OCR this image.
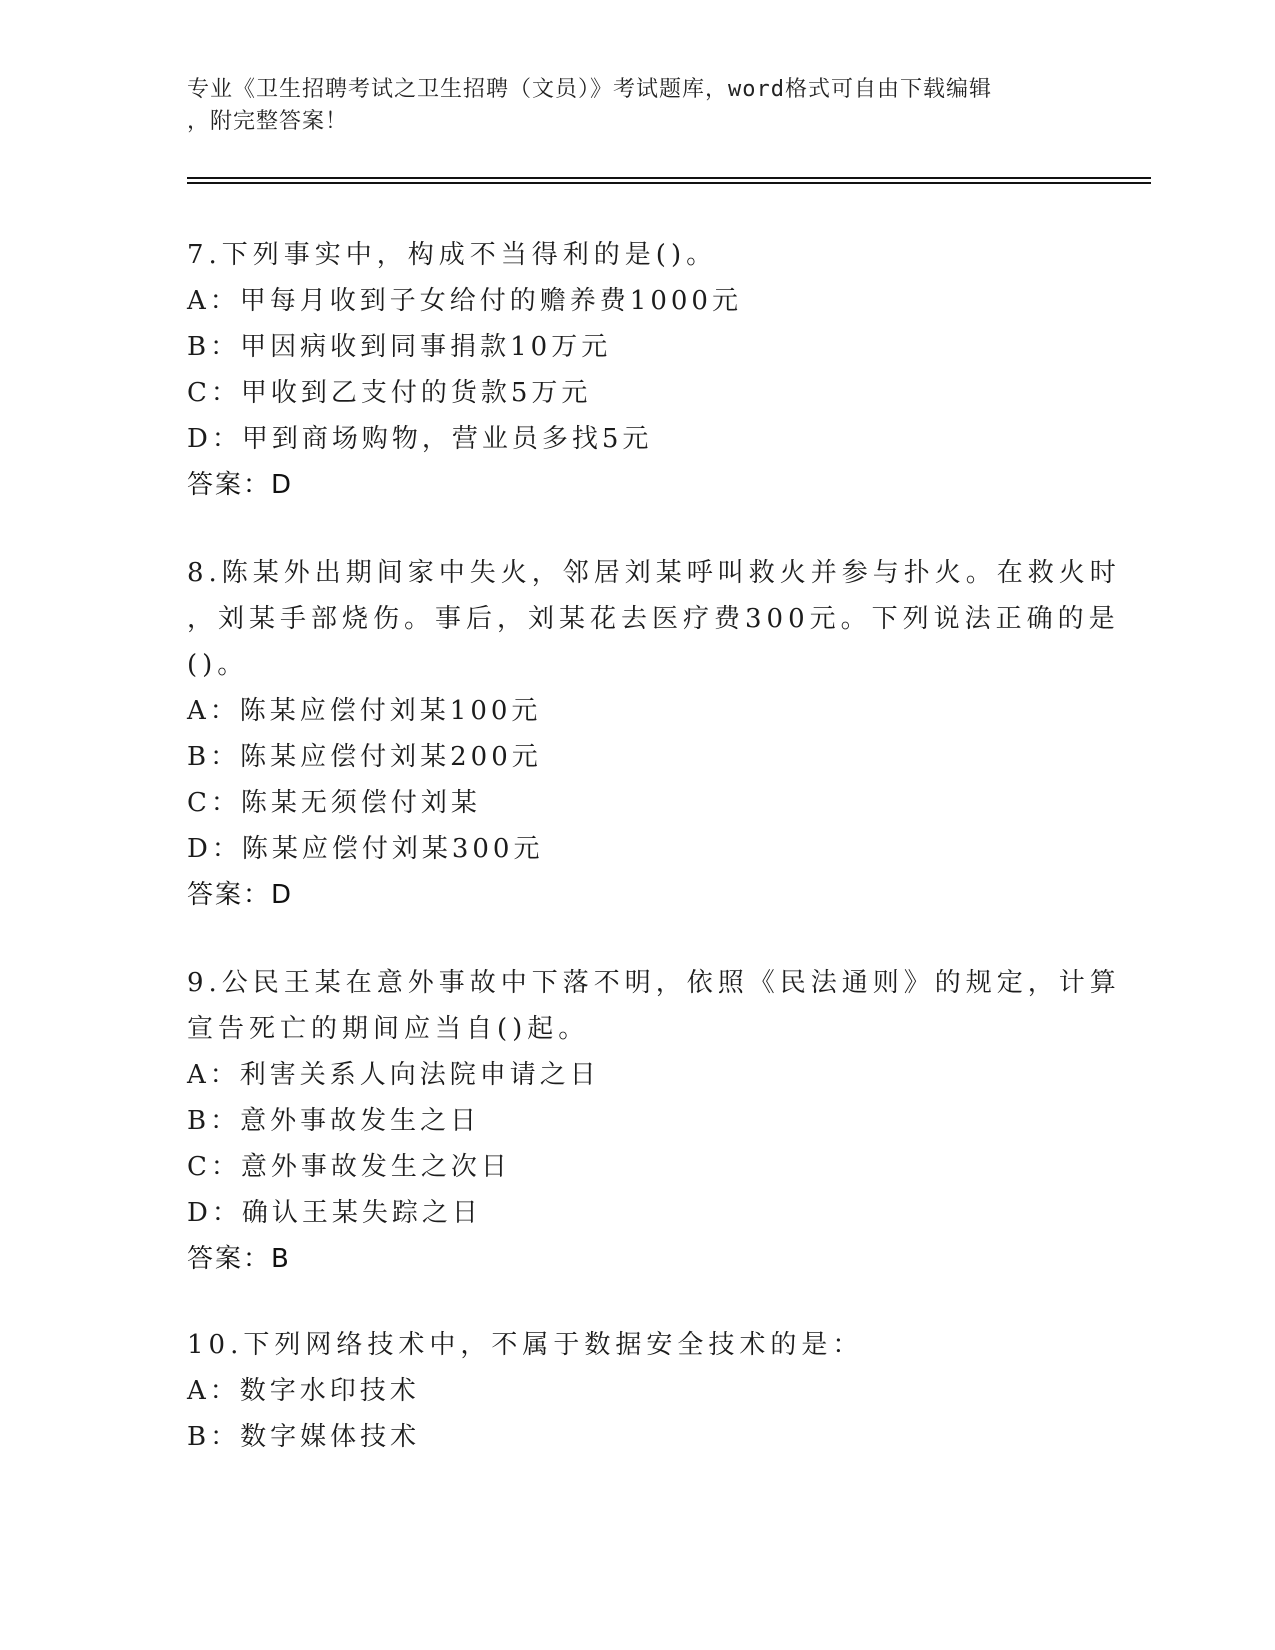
专业《卫生招聘考试之卫生招聘（文员）》考试题库，word格式可自由下载编辑
，附完整答案！
7.下列事实中，构成不当得利的是()。
A：甲每月收到子女给付的赡养费1000元
B：甲因病收到同事捐款10万元
C：甲收到乙支付的货款5万元
D：甲到商场购物，营业员多找5元
答案：D
8.陈某外出期间家中失火，邻居刘某呼叫救火并参与扑火。在救火时
，刘某手部烧伤。事后，刘某花去医疗费300元。下列说法正确的是
()。
A：陈某应偿付刘某100元
B：陈某应偿付刘某200元
C：陈某无须偿付刘某
D：陈某应偿付刘某300元
答案：D
9.公民王某在意外事故中下落不明，依照《民法通则》的规定，计算
宣告死亡的期间应当自()起。
A：利害关系人向法院申请之日
B：意外事故发生之日
C：意外事故发生之次日
D：确认王某失踪之日
答案：B
10.下列网络技术中，不属于数据安全技术的是：
A：数字水印技术
B：数字媒体技术
